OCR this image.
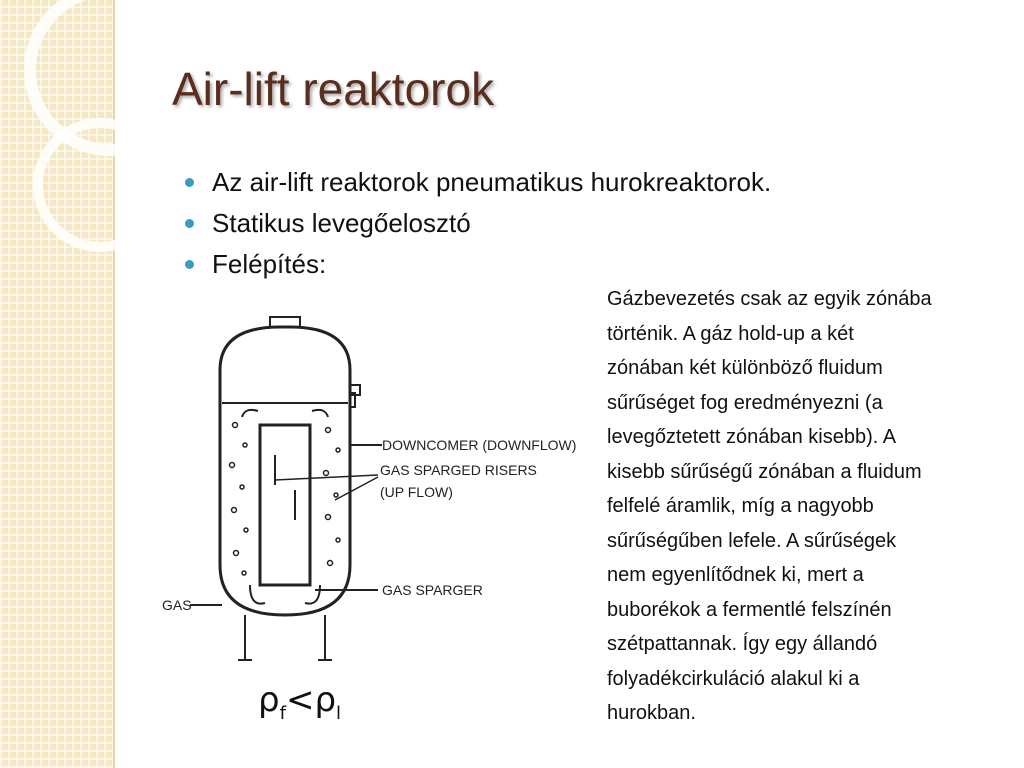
Air-lift reaktorok
Az air-lift reaktorok pneumatikus hurokreaktorok.
Statikus levegőelosztó
Felépítés:

Gázbevezetés csak az egyik zónába
történik. A gáz hold-up a két
zónában két különböző fluidum
sűrűséget fog eredményezni (a
levegőztetett zónában kisebb). A
kisebb sűrűségű zónában a fluidum
felfelé áramlik, míg a nagyobb
sűrűségűben lefele. A sűrűségek
nem egyenlítődnek ki, mert a
buborékok a fermentlé felszínén
szétpattannak. Így egy állandó
folyadékcirkuláció alakul ki a
hurokban.

DOWNCOMER (DOWNFLOW)
GAS SPARGED RISERS
(UP FLOW)
GAS SPARGER
GAS
$\rho_f<\rho_l$
